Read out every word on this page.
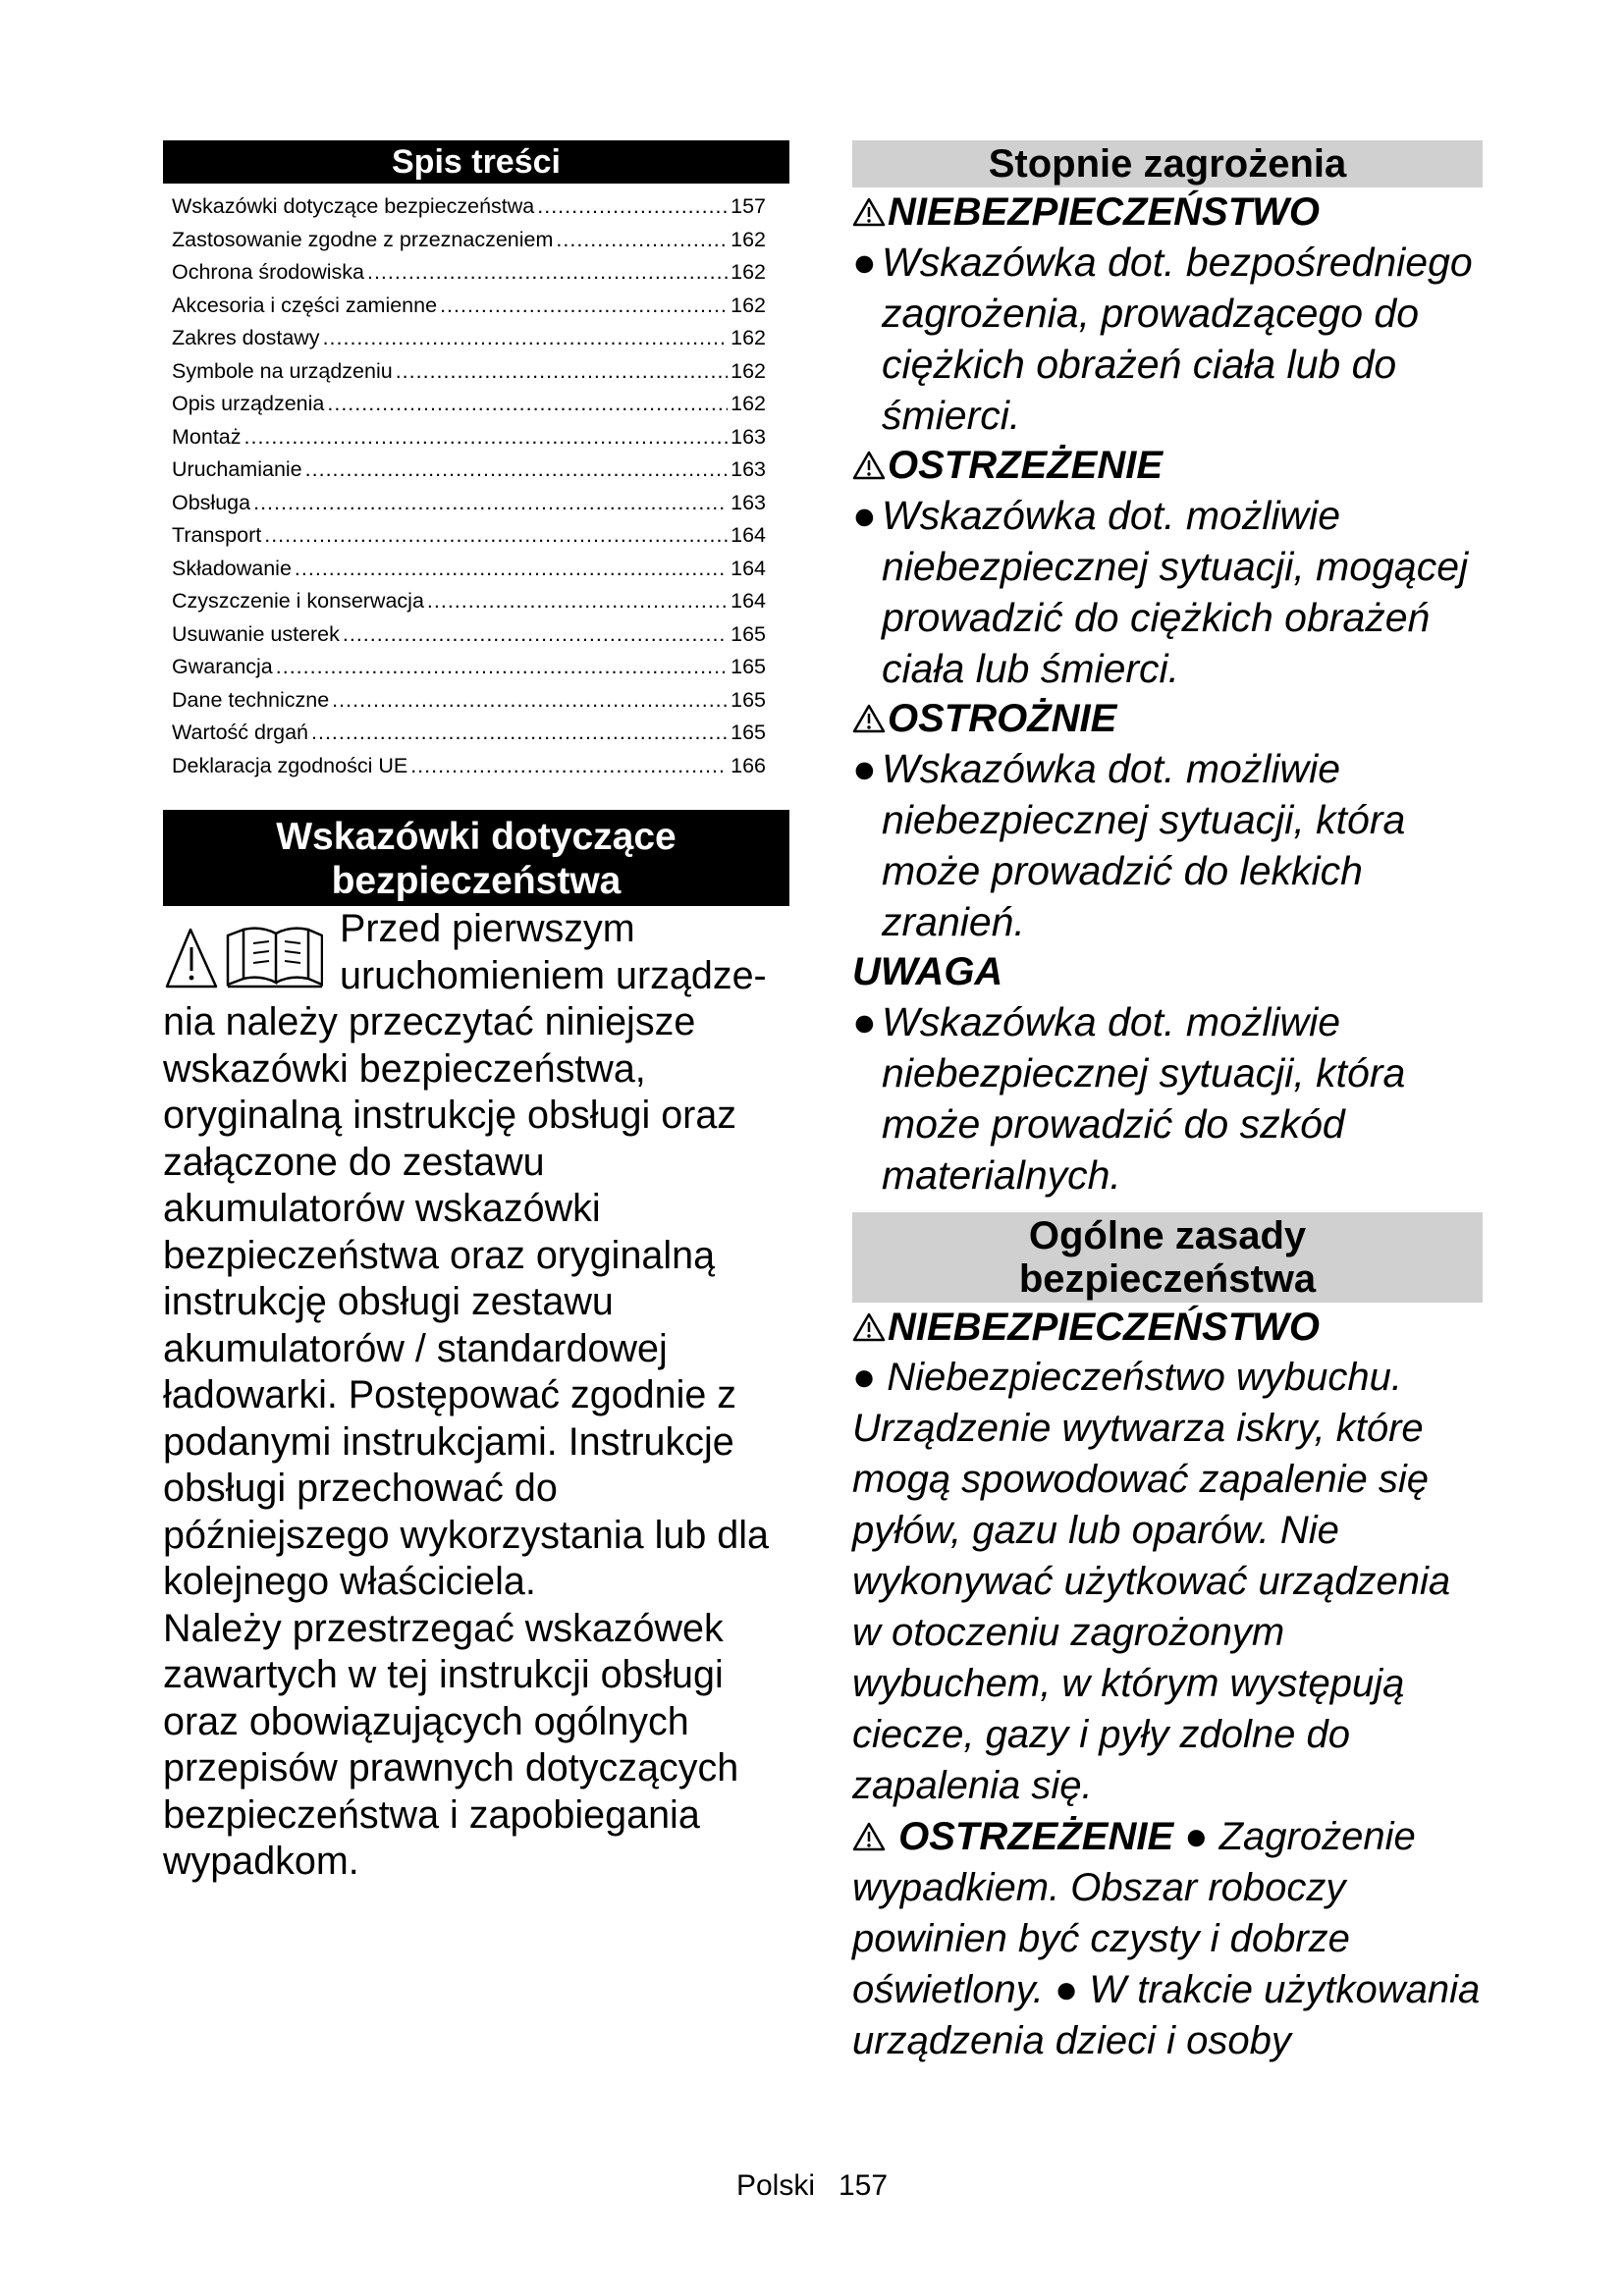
Spis treści
Wskazówki dotyczące bezpieczeństwa .....	157
Zastosowanie zgodne z przeznaczeniem .....	162
Ochrona środowiska .....	162
Akcesoria i części zamienne .....	162
Zakres dostawy .....	162
Symbole na urządzeniu .....	162
Opis urządzenia .....	162
Montaż .....	163
Uruchamianie .....	163
Obsługa .....	163
Transport .....	164
Składowanie .....	164
Czyszczenie i konserwacja .....	164
Usuwanie usterek .....	165
Gwarancja .....	165
Dane techniczne .....	165
Wartość drgań .....	165
Deklaracja zgodności UE .....	166
Wskazówki dotyczące
bezpieczeństwa
Przed pierwszym uruchomieniem urządze-

nia należy przeczytać niniejsze wskazówki bezpieczeństwa, oryginalną instrukcję obsługi oraz załączone do zestawu akumulatorów wskazówki bezpieczeństwa oraz oryginalną instrukcję obsługi zestawu akumulatorów / standardowej ładowarki. Postępować zgodnie z podanymi instrukcjami. Instrukcje obsługi przechować do późniejszego wykorzystania lub dla kolejnego właściciela.

Należy przestrzegać wskazówek zawartych w tej instrukcji obsługi oraz obowiązujących ogólnych przepisów prawnych dotyczących bezpieczeństwa i zapobiegania wypadkom.

Stopnie zagrożenia
NIEBEZPIECZEŃSTWO
● Wskazówka dot. bezpośredniego zagrożenia, prowadzącego do ciężkich obrażeń ciała lub do śmierci.
OSTRZEŻENIE
● Wskazówka dot. możliwie niebezpiecznej sytuacji, mogącej prowadzić do ciężkich obrażeń ciała lub śmierci.
OSTROŻNIE
● Wskazówka dot. możliwie niebezpiecznej sytuacji, która może prowadzić do lekkich zranień.
UWAGA
● Wskazówka dot. możliwie niebezpiecznej sytuacji, która może prowadzić do szkód materialnych.
Ogólne zasady
bezpieczeństwa
NIEBEZPIECZEŃSTWO
● Niebezpieczeństwo wybuchu. Urządzenie wytwarza iskry, które mogą spowodować zapalenie się pyłów, gazu lub oparów. Nie wykonywać użytkować urządzenia w otoczeniu zagrożonym wybuchem, w którym występują ciecze, gazy i pyły zdolne do zapalenia się.
OSTRZEŻENIE ● Zagrożenie wypadkiem. Obszar roboczy powinien być czysty i dobrze oświetlony. ● W trakcie użytkowania urządzenia dzieci i osoby
Polski 157
